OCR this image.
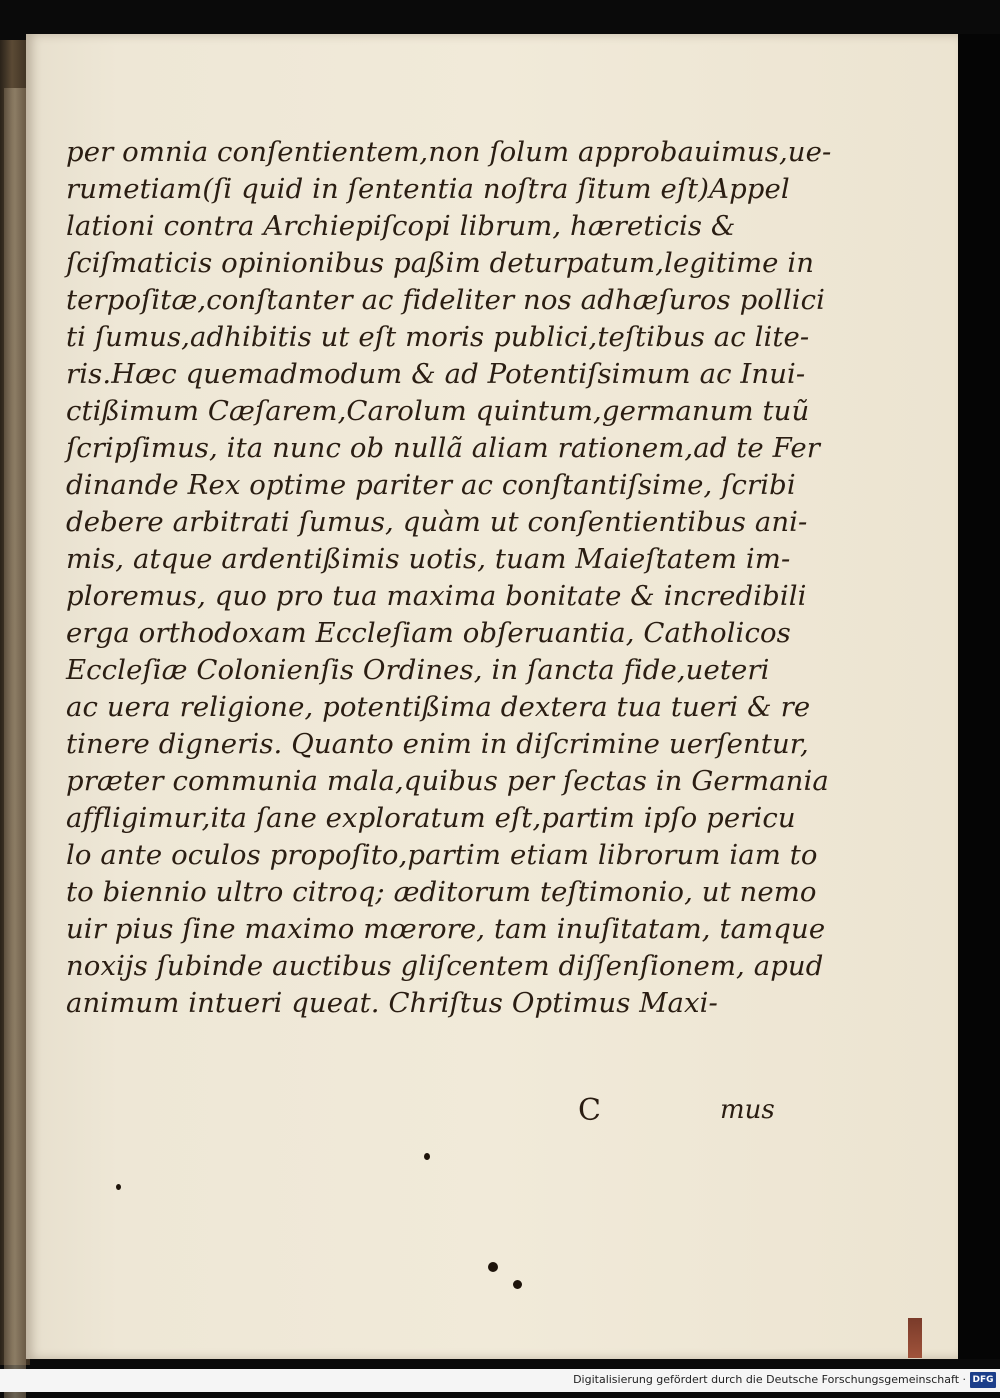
per omnia conſentientem,non ſolum approbauimus,ue-
rumetiam(ſi quid in ſententia noſtra ſitum eſt)Appel
lationi contra Archiepiſcopi librum, hæreticis &
ſciſmaticis opinionibus paßim deturpatum,legitime in
terpoſitæ,conſtanter ac fideliter nos adhæſuros pollici
ti ſumus,adhibitis ut eſt moris publici,teſtibus ac lite-
ris.Hæc quemadmodum & ad Potentiſsimum ac Inui-
ctißimum Cæſarem,Carolum quintum,germanum tuũ
ſcripſimus, ita nunc ob nullã aliam rationem,ad te Fer
dinande Rex optime pariter ac conſtantiſsime, ſcribi
debere arbitrati ſumus, quàm ut conſentientibus ani-
mis, atque ardentißimis uotis, tuam Maieſtatem im-
ploremus, quo pro tua maxima bonitate & incredibili
erga orthodoxam Eccleſiam obſeruantia, Catholicos
Eccleſiæ Colonienſis Ordines, in ſancta fide,ueteri
ac uera religione, potentißima dextera tua tueri & re
tinere digneris. Quanto enim in diſcrimine uerſentur,
præter communia mala,quibus per ſectas in Germania
affligimur,ita ſane exploratum eſt,partim ipſo pericu
lo ante oculos propoſito,partim etiam librorum iam to
to biennio ultro citroq; æditorum teſtimonio, ut nemo
uir pius ſine maximo mœrore, tam inuſitatam, tamque
noxijs ſubinde auctibus gliſcentem diſſenſionem, apud
animum intueri queat. Chriſtus Optimus Maxi-
C	mus
Digitalisierung gefördert durch die Deutsche Forschungsgemeinschaft · DFG
